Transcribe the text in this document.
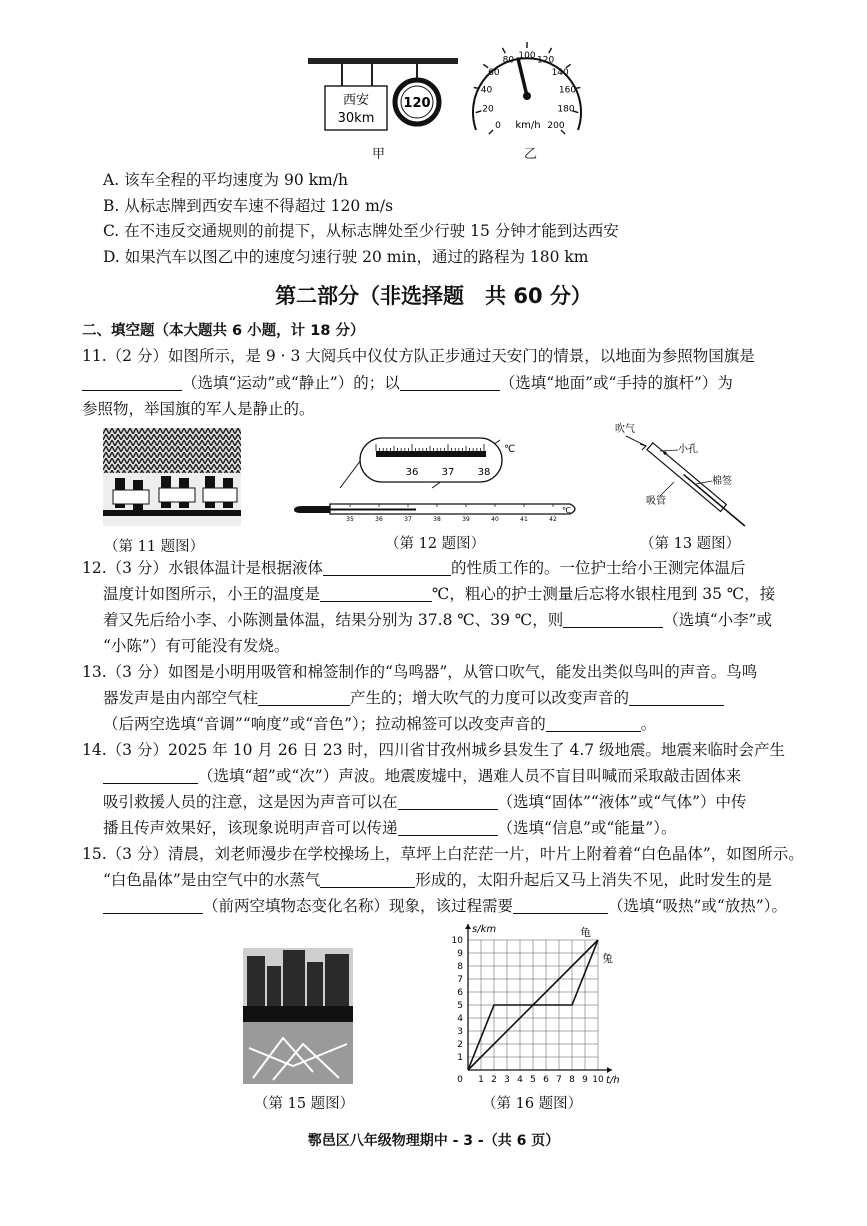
西安
30km
120
0
20
40
60
80 100 120
140
160
180
200
km/h
甲	乙
A. 该车全程的平均速度为 90 km/h
B. 从标志牌到西安车速不得超过 120 m/s
C. 在不违反交通规则的前提下，从标志牌处至少行驶 15 分钟才能到达西安
D. 如果汽车以图乙中的速度匀速行驶 20 min，通过的路程为 180 km
第二部分（非选择题　共 60 分）
二、填空题（本大题共 6 小题，计 18 分）
11.（2 分）如图所示，是 9 · 3 大阅兵中仪仗方队正步通过天安门的情景，以地面为参照物国旗是
（选填“运动”或“静止”）的；以	（选填“地面”或“手持的旗杆”）为
参照物，举国旗的军人是静止的。
（第 11 题图）
36 37 38
℃
35	36	37	38	39	40	41	42
℃
（第 12 题图）
吹气
小孔
棉签
吸管
（第 13 题图）
12.（3 分）水银体温计是根据液体	的性质工作的。一位护士给小王测完体温后
温度计如图所示，小王的温度是	℃，粗心的护士测量后忘将水银柱甩到 35 ℃，接
着又先后给小李、小陈测量体温，结果分别为 37.8 ℃、39 ℃，则	（选填“小李”或
“小陈”）有可能没有发烧。
13.（3 分）如图是小明用吸管和棉签制作的“鸟鸣器”，从管口吹气，能发出类似鸟叫的声音。鸟鸣
器发声是由内部空气柱	产生的；增大吹气的力度可以改变声音的
（后两空选填“音调”“响度”或“音色”）；拉动棉签可以改变声音的	。
14.（3 分）2025 年 10 月 26 日 23 时，四川省甘孜州城乡县发生了 4.7 级地震。地震来临时会产生
（选填“超”或“次”）声波。地震废墟中，遇难人员不盲目叫喊而采取敲击固体来
吸引救援人员的注意，这是因为声音可以在	（选填“固体”“液体”或“气体”）中传
播且传声效果好，该现象说明声音可以传递	（选填“信息”或“能量”）。
15.（3 分）清晨，刘老师漫步在学校操场上，草坪上白茫茫一片，叶片上附着着“白色晶体”，如图所示。
“白色晶体”是由空气中的水蒸气	形成的，太阳升起后又马上消失不见，此时发生的是
（前两空填物态变化名称）现象，该过程需要	（选填“吸热”或“放热”）。
（第 15 题图）
s/km
t/h
龟
兔
0 1 2 3 4 5 6 7 8 9 10
1
2
3
4
5
6
7
8
9
10
（第 16 题图）
鄠邑区八年级物理期中 - 3 -（共 6 页）
